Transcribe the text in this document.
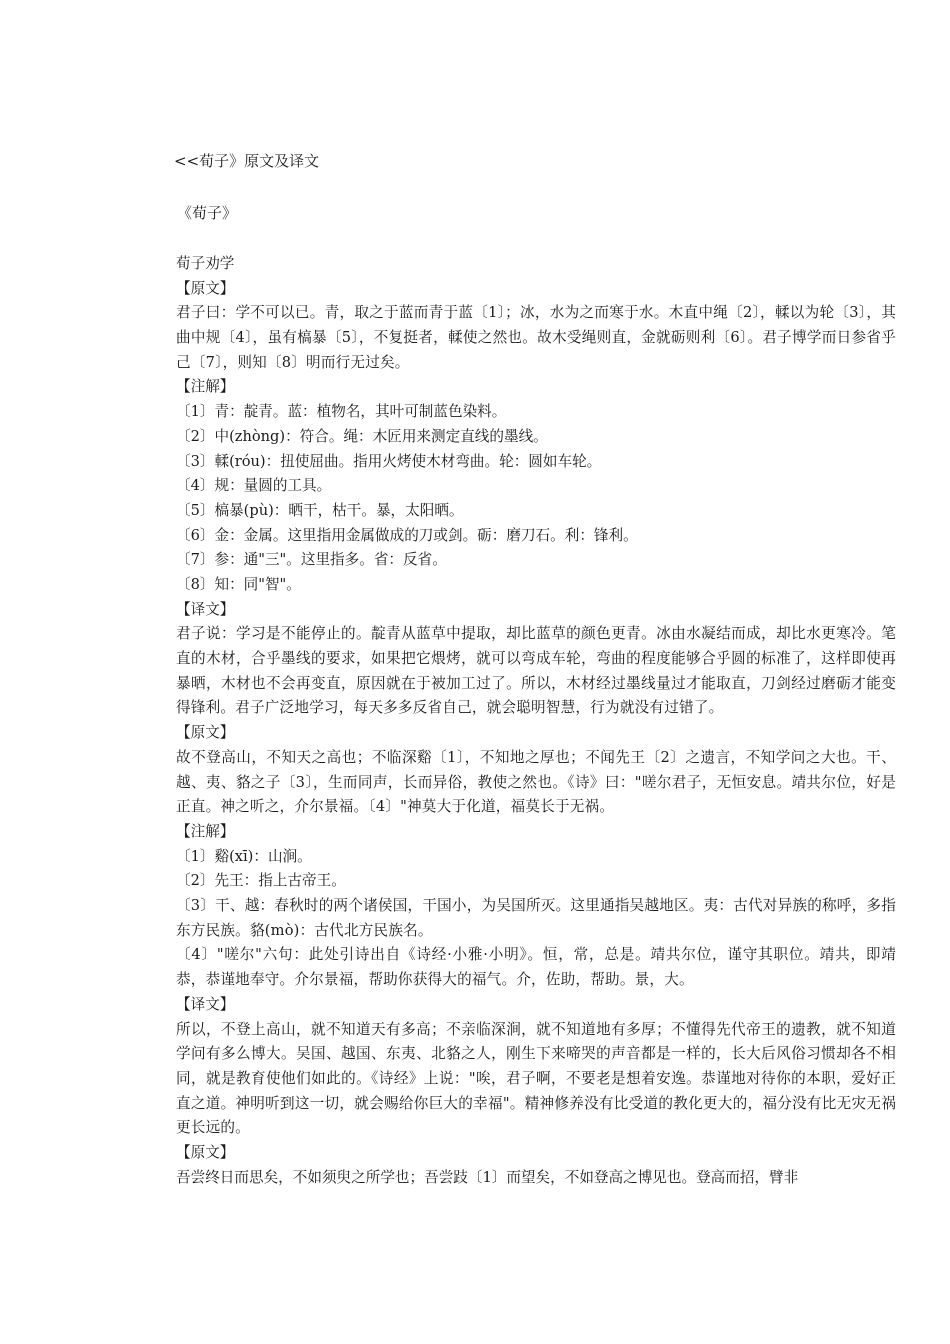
<<荀子》原文及译文
《荀子》
荀子劝学
【原文】

君子曰：学不可以已。青，取之于蓝而青于蓝〔1〕；冰，水为之而寒于水。木直中绳〔2〕，輮以为轮〔3〕，其曲中规〔4〕，虽有槁暴〔5〕，不复挺者，輮使之然也。故木受绳则直，金就砺则利〔6〕。君子博学而日参省乎己〔7〕，则知〔8〕明而行无过矣。

【注解】
〔1〕青：靛青。蓝：植物名，其叶可制蓝色染料。
〔2〕中(zhòng)：符合。绳：木匠用来测定直线的墨线。
〔3〕輮(róu)：扭使屈曲。指用火烤使木材弯曲。轮：圆如车轮。
〔4〕规：量圆的工具。
〔5〕槁暴(pù)：晒干，枯干。暴，太阳晒。
〔6〕金：金属。这里指用金属做成的刀或剑。砺：磨刀石。利：锋利。
〔7〕参：通"三"。这里指多。省：反省。
〔8〕知：同"智"。
【译文】

君子说：学习是不能停止的。靛青从蓝草中提取，却比蓝草的颜色更青。冰由水凝结而成，却比水更寒冷。笔直的木材，合乎墨线的要求，如果把它煨烤，就可以弯成车轮，弯曲的程度能够合乎圆的标准了，这样即使再暴晒，木材也不会再变直，原因就在于被加工过了。所以，木材经过墨线量过才能取直，刀剑经过磨砺才能变得锋利。君子广泛地学习，每天多多反省自己，就会聪明智慧，行为就没有过错了。

【原文】

故不登高山，不知天之高也；不临深谿〔1〕，不知地之厚也；不闻先王〔2〕之遗言，不知学问之大也。干、越、夷、貉之子〔3〕，生而同声，长而异俗，教使之然也。《诗》曰："嗟尔君子，无恒安息。靖共尔位，好是正直。神之听之，介尔景福。〔4〕"神莫大于化道，福莫长于无祸。

【注解】
〔1〕谿(xī)：山涧。
〔2〕先王：指上古帝王。

〔3〕干、越：春秋时的两个诸侯国，干国小，为吴国所灭。这里通指吴越地区。夷：古代对异族的称呼，多指东方民族。貉(mò)：古代北方民族名。

〔4〕"嗟尔"六句：此处引诗出自《诗经·小雅·小明》。恒，常，总是。靖共尔位，谨守其职位。靖共，即靖恭，恭谨地奉守。介尔景福，帮助你获得大的福气。介，佐助，帮助。景，大。

【译文】

所以，不登上高山，就不知道天有多高；不亲临深涧，就不知道地有多厚；不懂得先代帝王的遗教，就不知道学问有多么博大。吴国、越国、东夷、北貉之人，刚生下来啼哭的声音都是一样的，长大后风俗习惯却各不相同，就是教育使他们如此的。《诗经》上说："唉，君子啊，不要老是想着安逸。恭谨地对待你的本职，爱好正直之道。神明听到这一切，就会赐给你巨大的幸福"。精神修养没有比受道的教化更大的，福分没有比无灾无祸更长远的。

【原文】
吾尝终日而思矣，不如须臾之所学也；吾尝跂〔1〕而望矣，不如登高之博见也。登高而招，臂非
